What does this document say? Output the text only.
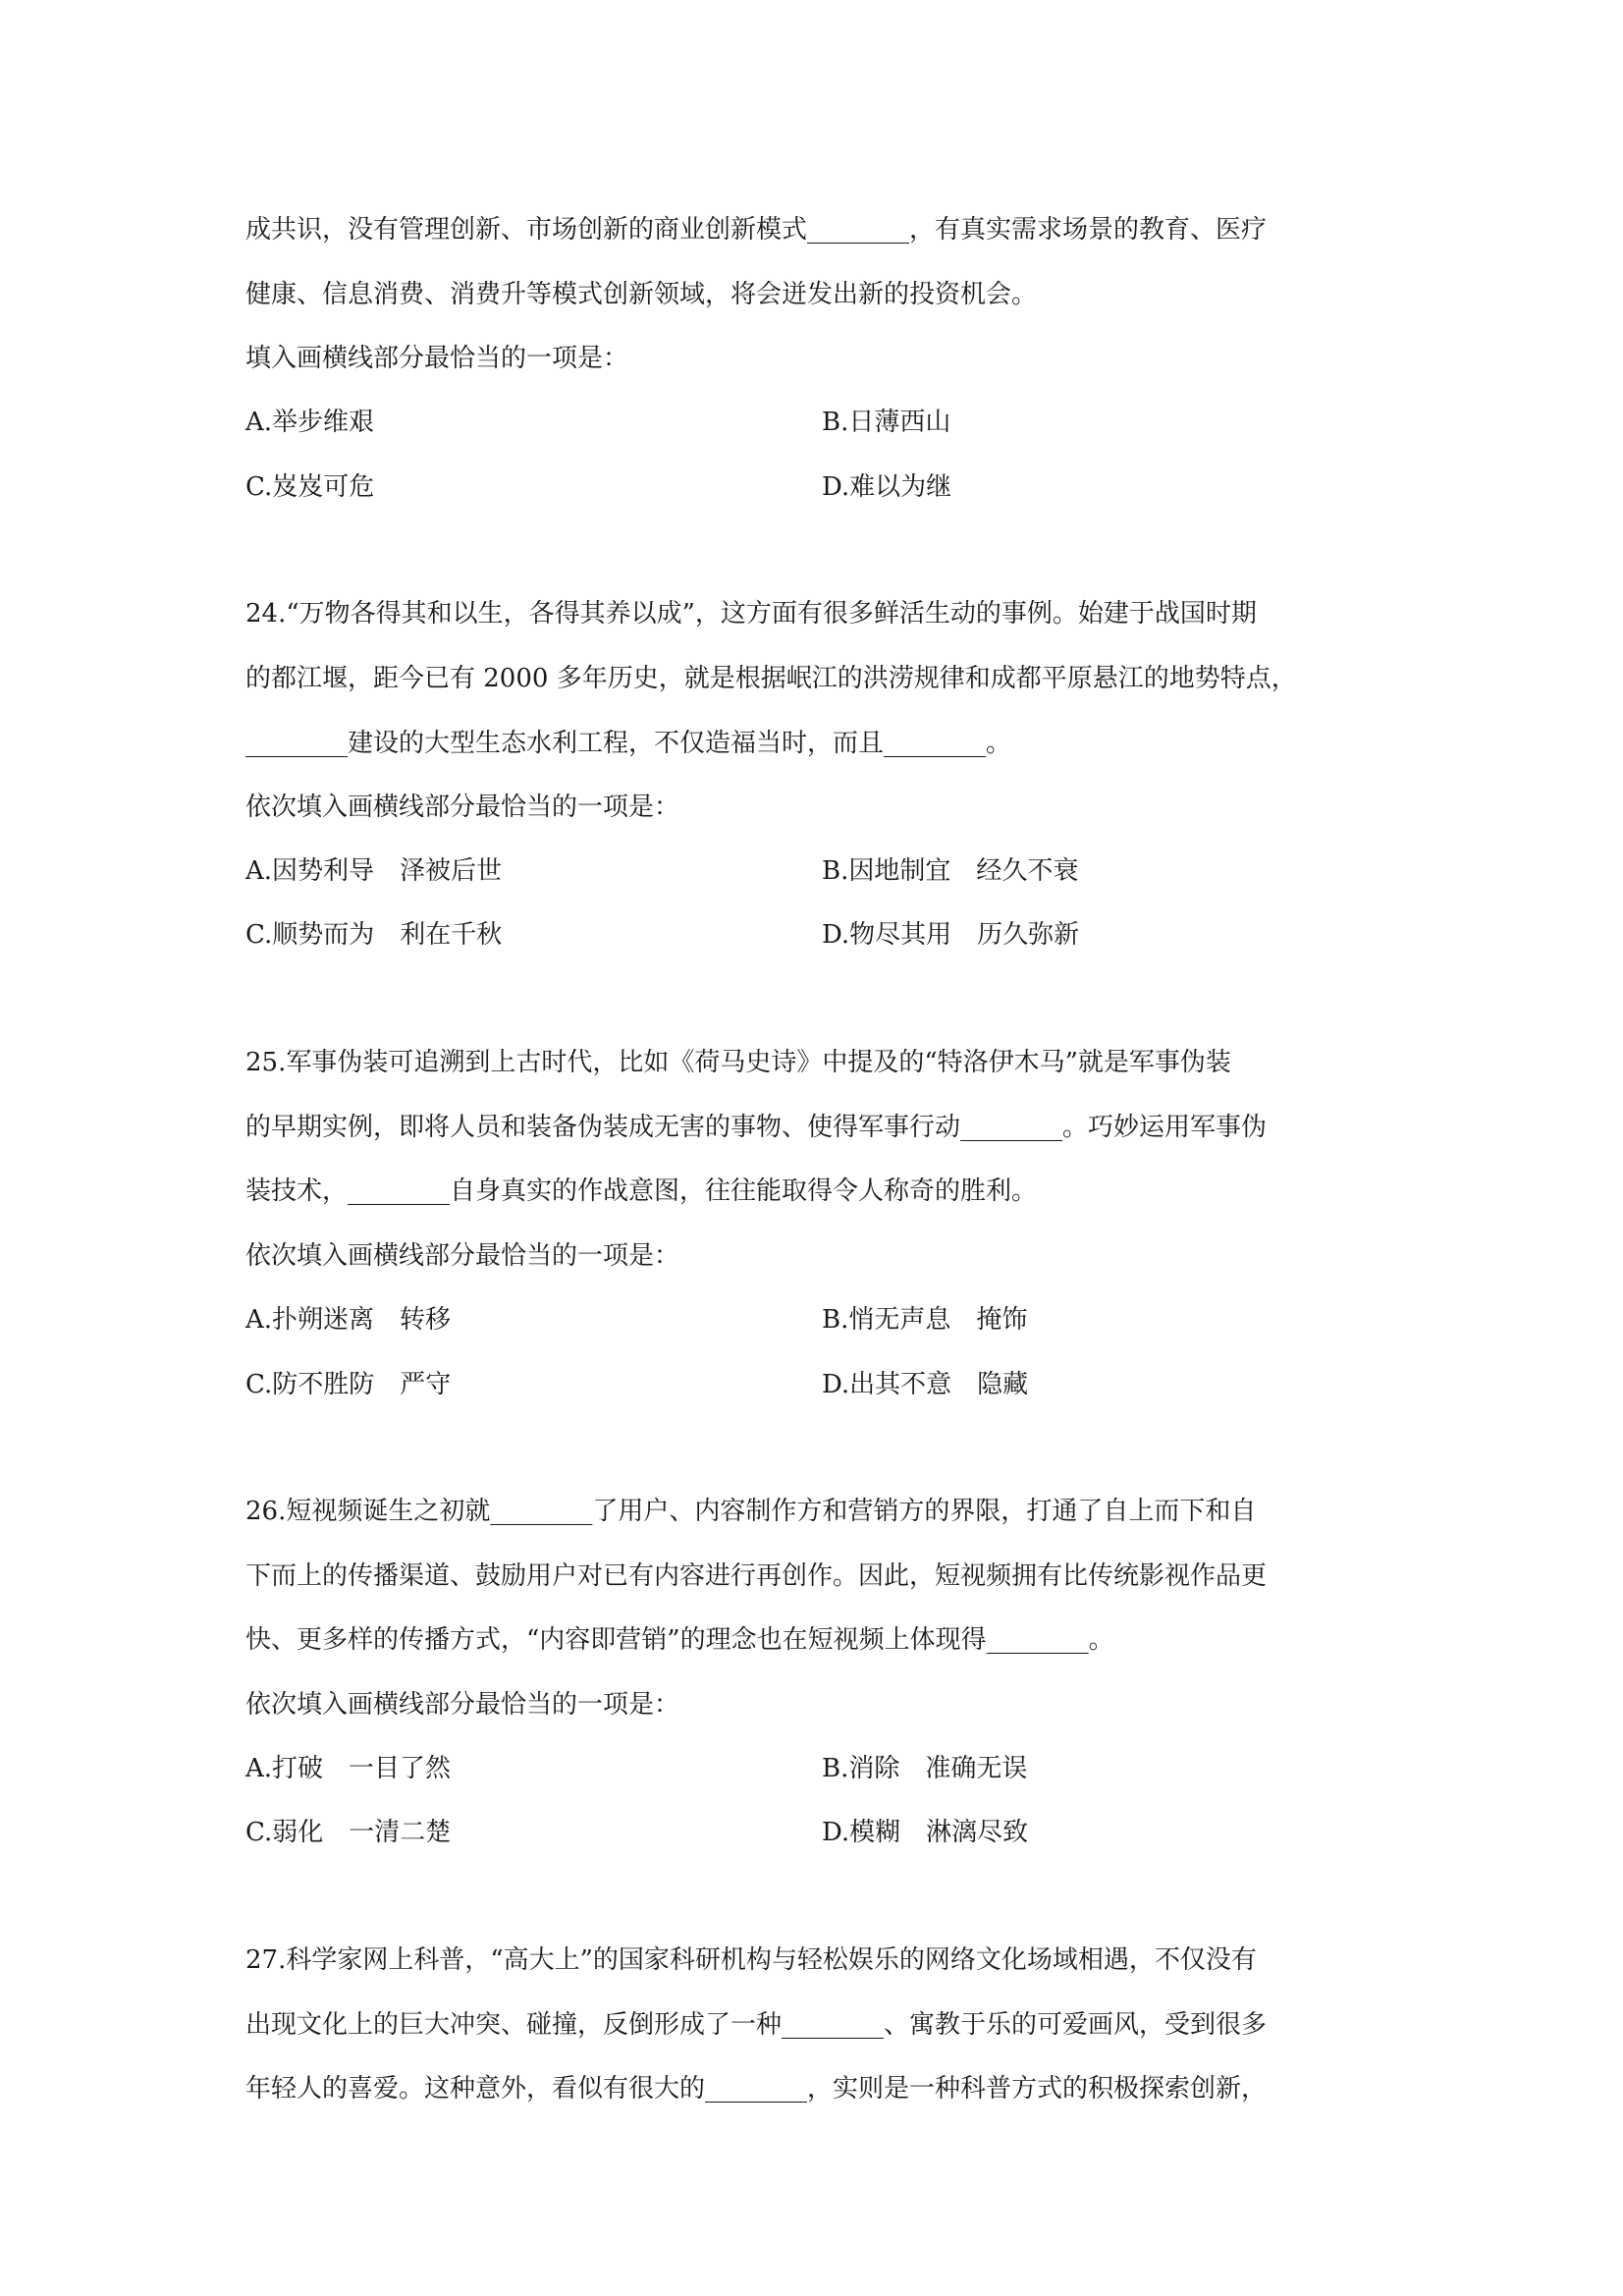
成共识，没有管理创新、市场创新的商业创新模式________，有真实需求场景的教育、医疗
健康、信息消费、消费升等模式创新领域，将会迸发出新的投资机会。
填入画横线部分最恰当的一项是：
A.举步维艰	B.日薄西山
C.岌岌可危	D.难以为继
24.“万物各得其和以生，各得其养以成”，这方面有很多鲜活生动的事例。始建于战国时期
的都江堰，距今已有 2000 多年历史，就是根据岷江的洪涝规律和成都平原悬江的地势特点，
________建设的大型生态水利工程，不仅造福当时，而且________。
依次填入画横线部分最恰当的一项是：
A.因势利导　泽被后世	B.因地制宜　经久不衰
C.顺势而为　利在千秋	D.物尽其用　历久弥新
25.军事伪装可追溯到上古时代，比如《荷马史诗》中提及的“特洛伊木马”就是军事伪装
的早期实例，即将人员和装备伪装成无害的事物、使得军事行动________。巧妙运用军事伪
装技术，________自身真实的作战意图，往往能取得令人称奇的胜利。
依次填入画横线部分最恰当的一项是：
A.扑朔迷离　转移	B.悄无声息　掩饰
C.防不胜防　严守	D.出其不意　隐藏
26.短视频诞生之初就________了用户、内容制作方和营销方的界限，打通了自上而下和自
下而上的传播渠道、鼓励用户对已有内容进行再创作。因此，短视频拥有比传统影视作品更
快、更多样的传播方式，“内容即营销”的理念也在短视频上体现得________。
依次填入画横线部分最恰当的一项是：
A.打破　一目了然	B.消除　准确无误
C.弱化　一清二楚	D.模糊　淋漓尽致
27.科学家网上科普，“高大上”的国家科研机构与轻松娱乐的网络文化场域相遇，不仅没有
出现文化上的巨大冲突、碰撞，反倒形成了一种________、寓教于乐的可爱画风，受到很多
年轻人的喜爱。这种意外，看似有很大的________，实则是一种科普方式的积极探索创新，
